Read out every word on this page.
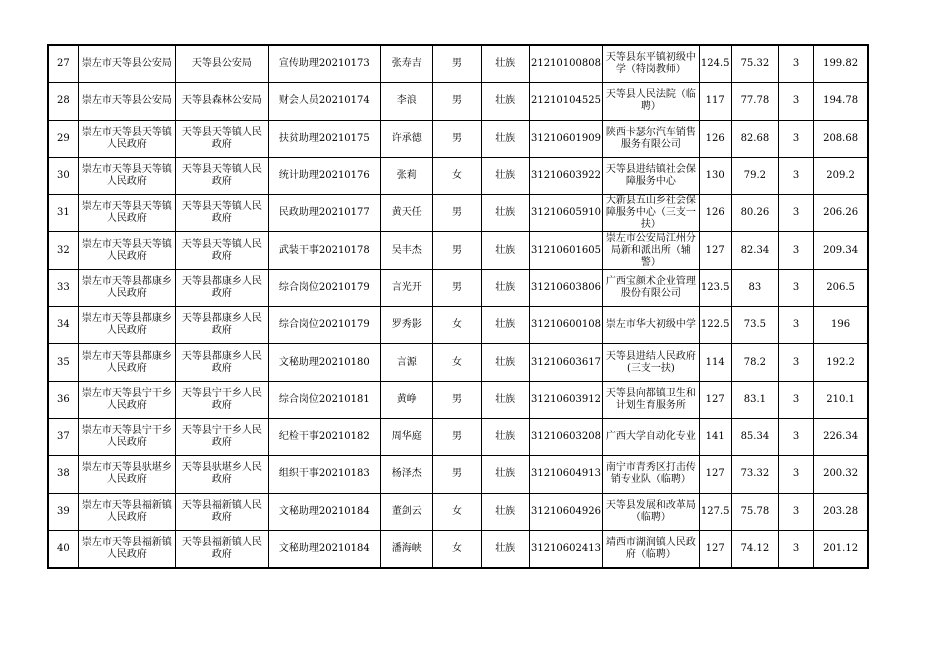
27	崇左市天等县公安局	天等县公安局	宣传助理20210173	张寿吉	男	壮族	21210100808	天等县东平镇初级中学（特岗教师）	124.5	75.32	3	199.82
28	崇左市天等县公安局	天等县森林公安局	财会人员20210174	李浪	男	壮族	21210104525	天等县人民法院（临聘）	117	77.78	3	194.78
29	崇左市天等县天等镇人民政府	天等县天等镇人民政府	扶贫助理20210175	许承德	男	壮族	31210601909	陕西卡瑟尔汽车销售服务有限公司	126	82.68	3	208.68
30	崇左市天等县天等镇人民政府	天等县天等镇人民政府	统计助理20210176	张莉	女	壮族	31210603922	天等县进结镇社会保障服务中心	130	79.2	3	209.2
31	崇左市天等县天等镇人民政府	天等县天等镇人民政府	民政助理20210177	黄天任	男	壮族	31210605910	大新县五山乡社会保障服务中心（三支一扶）	126	80.26	3	206.26
32	崇左市天等县天等镇人民政府	天等县天等镇人民政府	武装干事20210178	吴丰杰	男	壮族	31210601605	崇左市公安局江州分局新和派出所（辅警）	127	82.34	3	209.34
33	崇左市天等县都康乡人民政府	天等县都康乡人民政府	综合岗位20210179	言光开	男	壮族	31210603806	广西宝颜术企业管理股份有限公司	123.5	83	3	206.5
34	崇左市天等县都康乡人民政府	天等县都康乡人民政府	综合岗位20210179	罗秀影	女	壮族	31210600108	崇左市华大初级中学	122.5	73.5	3	196
35	崇左市天等县都康乡人民政府	天等县都康乡人民政府	文秘助理20210180	言源	女	壮族	31210603617	天等县进结人民政府(三支一扶)	114	78.2	3	192.2
36	崇左市天等县宁干乡人民政府	天等县宁干乡人民政府	综合岗位20210181	黄峥	男	壮族	31210603912	天等县向都镇卫生和计划生育服务所	127	83.1	3	210.1
37	崇左市天等县宁干乡人民政府	天等县宁干乡人民政府	纪检干事20210182	周华庭	男	壮族	31210603208	广西大学自动化专业	141	85.34	3	226.34
38	崇左市天等县驮堪乡人民政府	天等县驮堪乡人民政府	组织干事20210183	杨泽杰	男	壮族	31210604913	南宁市青秀区打击传销专业队（临聘）	127	73.32	3	200.32
39	崇左市天等县福新镇人民政府	天等县福新镇人民政府	文秘助理20210184	董剑云	女	壮族	31210604926	天等县发展和改革局（临聘）	127.5	75.78	3	203.28
40	崇左市天等县福新镇人民政府	天等县福新镇人民政府	文秘助理20210184	潘海峡	女	壮族	31210602413	靖西市湖润镇人民政府（临聘）	127	74.12	3	201.12
